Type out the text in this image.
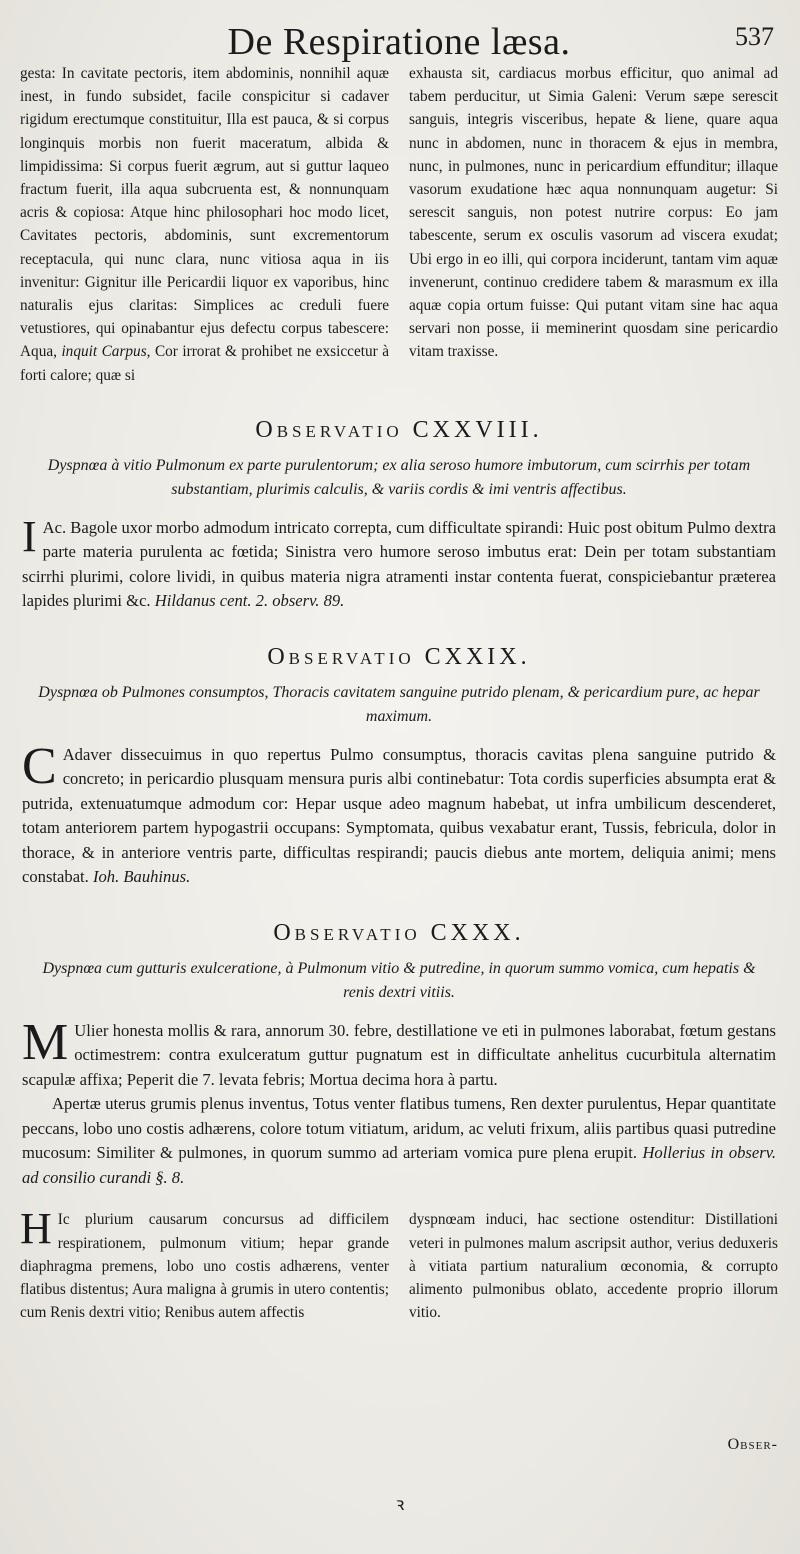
De Respiratione læsa.	537

gesta: In cavitate pectoris, item abdominis, nonnihil aquæ inest, in fundo subsidet, facile conspicitur si cadaver rigidum erectumque constituitur, Illa est pauca, & si corpus longinquis morbis non fuerit maceratum, albida & limpidissima: Si corpus fuerit ægrum, aut si guttur laqueo fractum fuerit, illa aqua subcruenta est, & nonnunquam acris & copiosa: Atque hinc philosophari hoc modo licet, Cavitates pectoris, abdominis, sunt excrementorum receptacula, qui nunc clara, nunc vitiosa aqua in iis invenitur: Gignitur ille Pericardii liquor ex vaporibus, hinc naturalis ejus claritas: Simplices ac creduli fuere vetustiores, qui opinabantur ejus defectu corpus tabescere: Aqua, inquit Carpus, Cor irrorat & prohibet ne exsiccetur à forti calore; quæ si

exhausta sit, cardiacus morbus efficitur, quo animal ad tabem perducitur, ut Simia Galeni: Verum sæpe serescit sanguis, integris visceribus, hepate & liene, quare aqua nunc in abdomen, nunc in thoracem & ejus in membra, nunc, in pulmones, nunc in pericardium effunditur; illaque vasorum exudatione hæc aqua nonnunquam augetur: Si serescit sanguis, non potest nutrire corpus: Eo jam tabescente, serum ex osculis vasorum ad viscera exudat; Ubi ergo in eo illi, qui corpora inciderunt, tantam vim aquæ invenerunt, continuo credidere tabem & marasmum ex illa aquæ copia ortum fuisse: Qui putant vitam sine hac aqua servari non posse, ii meminerint quosdam sine pericardio vitam traxisse.

Observatio CXXVIII.
Dyspnœa à vitio Pulmonum ex parte purulentorum; ex alia seroso humore imbutorum, cum scirrhis per totam substantiam, plurimis calculis, & variis cordis & imi ventris affectibus.

I Ac. Bagole uxor morbo admodum intricato correpta, cum difficultate spirandi: Huic post obitum Pulmo dextra parte materia purulenta ac fœtida; Sinistra vero humore seroso imbutus erat: Dein per totam substantiam scirrhi plurimi, colore lividi, in quibus materia nigra atramenti instar contenta fuerat, conspiciebantur præterea lapides plurimi &c. Hildanus cent. 2. observ. 89.

Observatio CXXIX.
Dyspnœa ob Pulmones consumptos, Thoracis cavitatem sanguine putrido plenam, & pericardium pure, ac hepar maximum.

C Adaver dissecuimus in quo repertus Pulmo consumptus, thoracis cavitas plena sanguine putrido & concreto; in pericardio plusquam mensura puris albi continebatur: Tota cordis superficies absumpta erat & putrida, extenuatumque admodum cor: Hepar usque adeo magnum habebat, ut infra umbilicum descenderet, totam anteriorem partem hypogastrii occupans: Symptomata, quibus vexabatur erant, Tussis, febricula, dolor in thorace, & in anteriore ventris parte, difficultas respirandi; paucis diebus ante mortem, deliquia animi; mens constabat. Ioh. Bauhinus.

Observatio CXXX.
Dyspnœa cum gutturis exulceratione, à Pulmonum vitio & putredine, in quorum summo vomica, cum hepatis & renis dextri vitiis.

M Ulier honesta mollis & rara, annorum 30. febre, destillatione ve eti in pulmones laborabat, fœtum gestans octimestrem: contra exulceratum guttur pugnatum est in difficultate anhelitus cucurbitula alternatim scapulæ affixa; Peperit die 7. levata febris; Mortua decima hora à partu.

Apertæ uterus grumis plenus inventus, Totus venter flatibus tumens, Ren dexter purulentus, Hepar quantitate peccans, lobo uno costis adhærens, colore totum vitiatum, aridum, ac veluti frixum, aliis partibus quasi putredine mucosum: Similiter & pulmones, in quorum summo ad arteriam vomica pure plena erupit. Hollerius in observ. ad consilio curandi §. 8.

H Ic plurium causarum concursus ad difficilem respirationem, pulmonum vitium; hepar grande diaphragma premens, lobo uno costis adhærens, venter flatibus distentus; Aura maligna à grumis in utero contentis; cum Renis dextri vitio; Renibus autem affectis

dyspnœam induci, hac sectione ostenditur: Distillationi veteri in pulmones malum ascripsit author, verius deduxeris à vitiata partium naturalium œconomia, & corrupto alimento pulmonibus oblato, accedente proprio illorum vitio.

Obser-
ꝛ
